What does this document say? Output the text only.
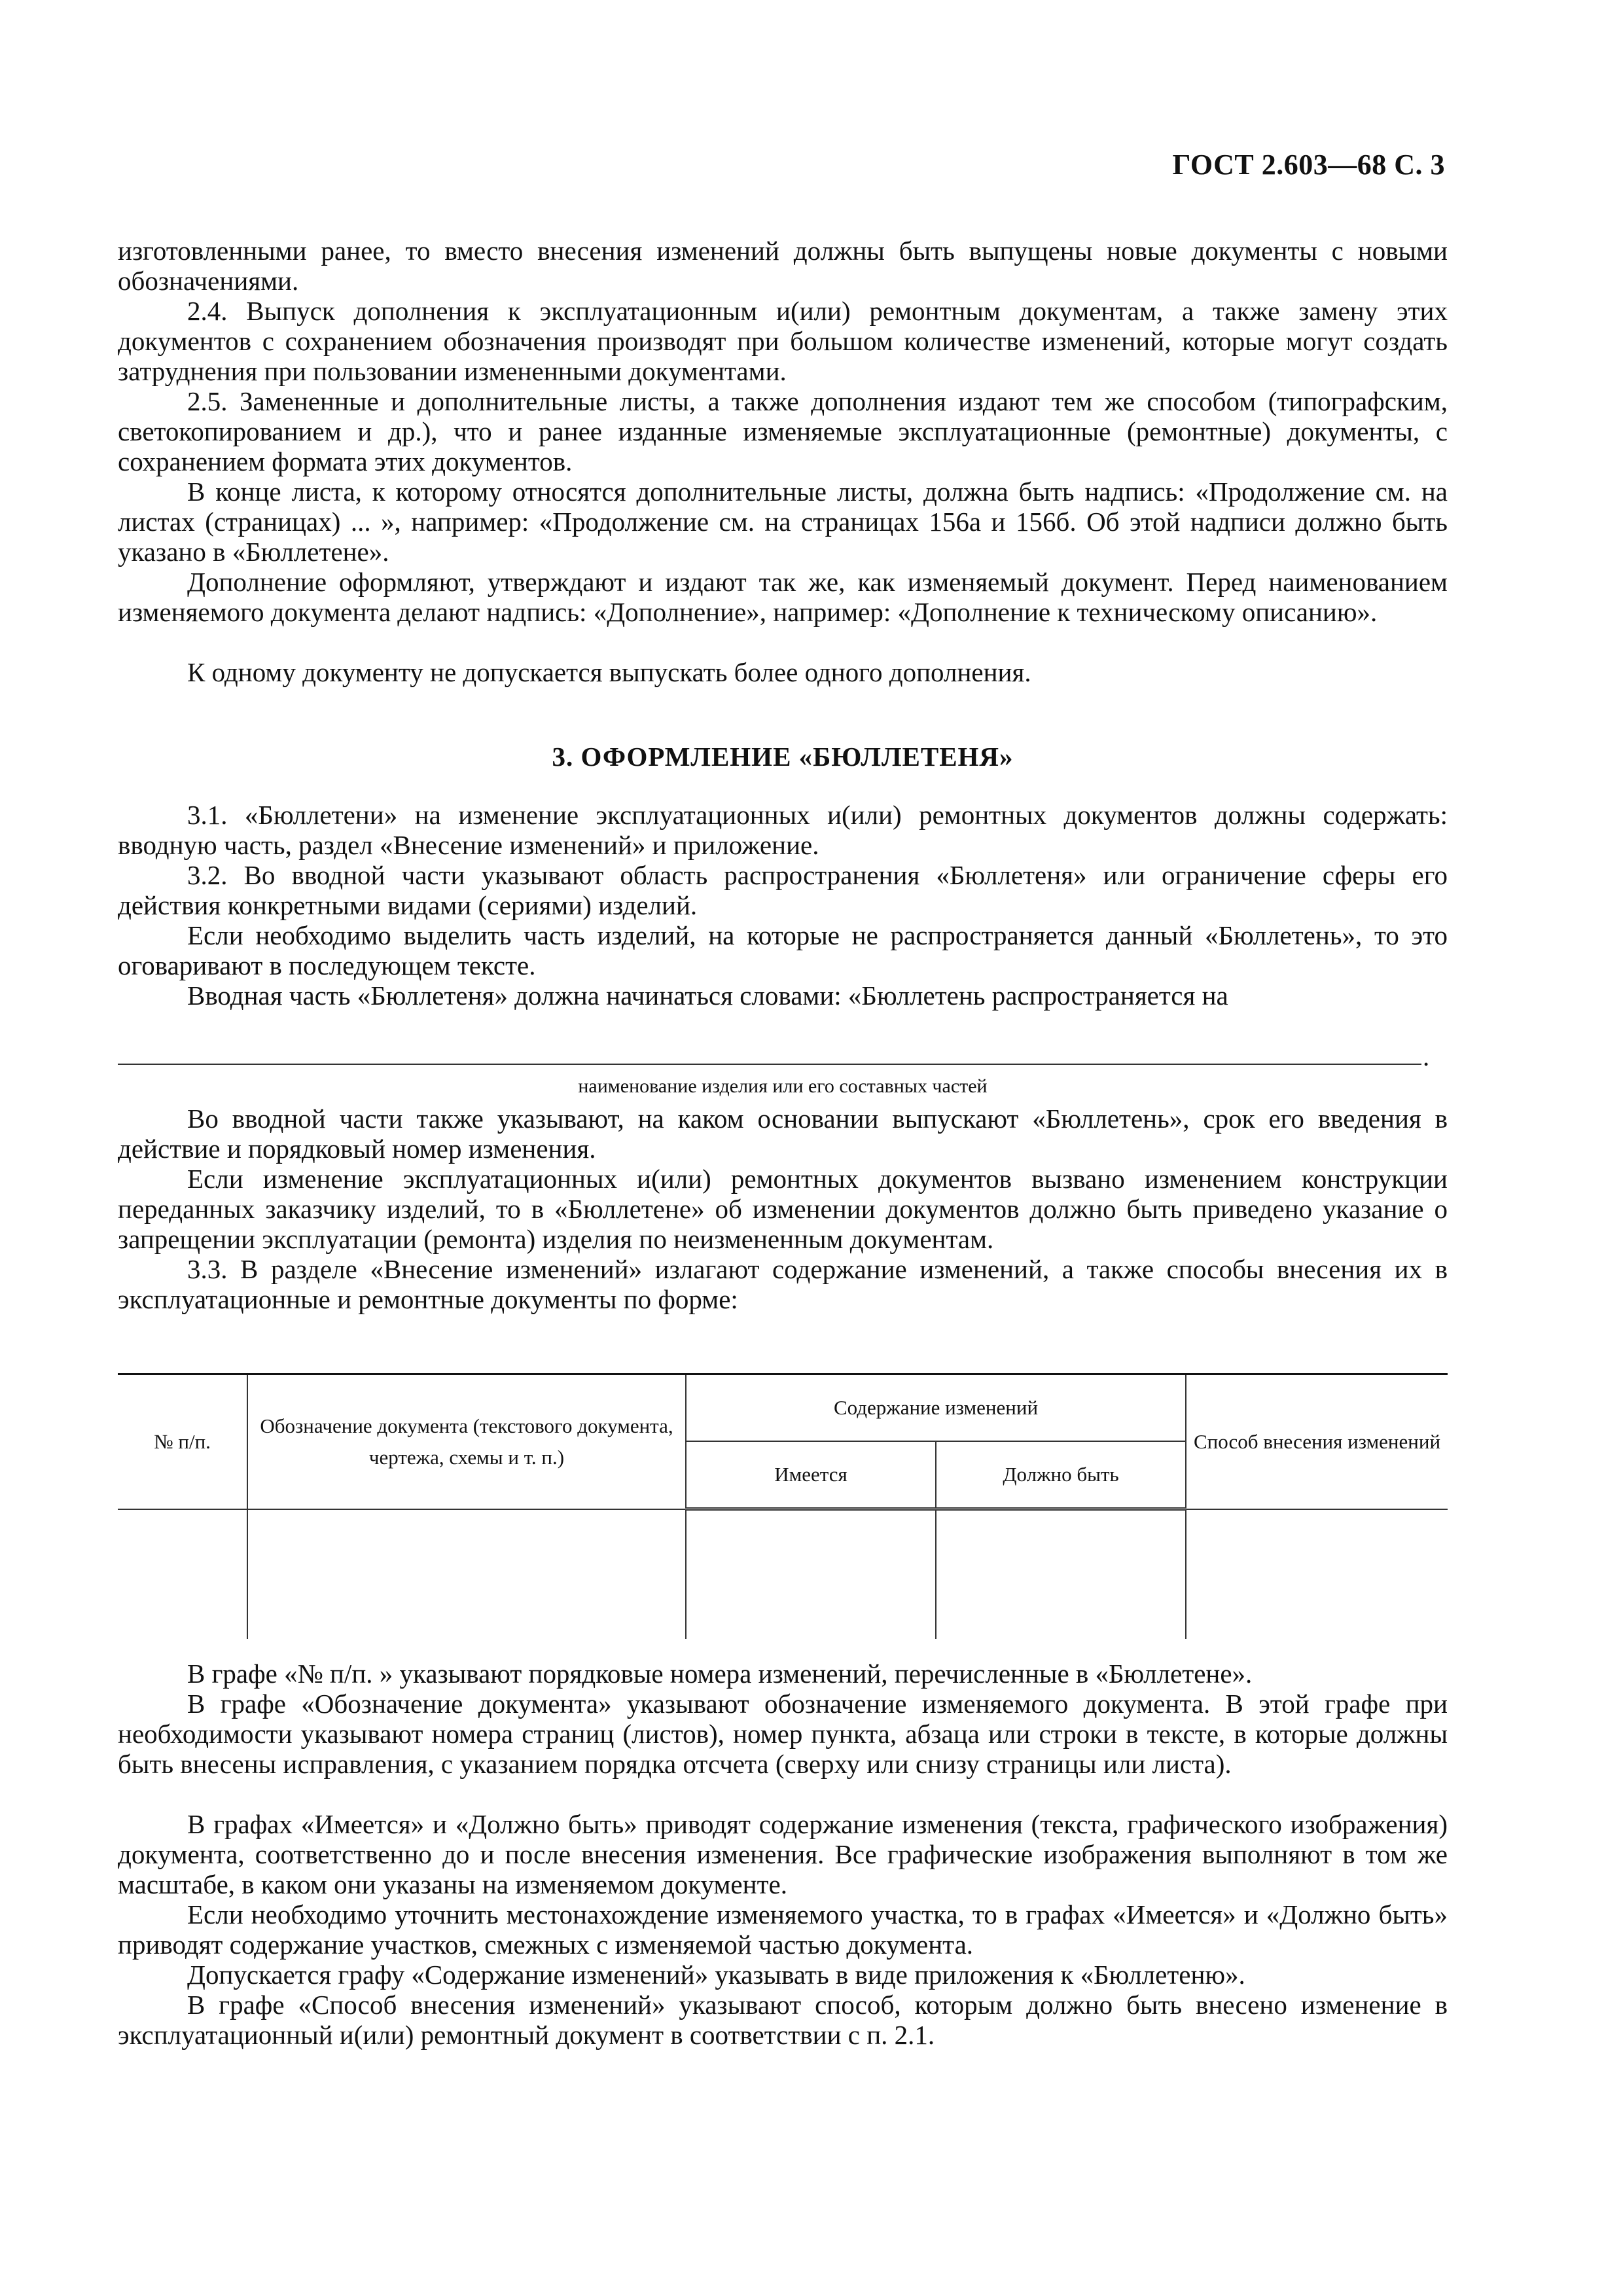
ГОСТ 2.603—68 С. 3

изготовленными ранее, то вместо внесения изменений должны быть выпущены новые документы с новыми обозначениями.

2.4. Выпуск дополнения к эксплуатационным и(или) ремонтным документам, а также замену этих документов с сохранением обозначения производят при большом количестве изменений, которые могут создать затруднения при пользовании измененными документами.

2.5. Замененные и дополнительные листы, а также дополнения издают тем же способом (типографским, светокопированием и др.), что и ранее изданные изменяемые эксплуатационные (ремонтные) документы, с сохранением формата этих документов.

В конце листа, к которому относятся дополнительные листы, должна быть надпись: «Продолжение см. на листах (страницах) ... », например: «Продолжение см. на страницах 156а и 156б. Об этой надписи должно быть указано в «Бюллетене».

Дополнение оформляют, утверждают и издают так же, как изменяемый документ. Перед наименованием изменяемого документа делают надпись: «Дополнение», например: «Дополнение к техническому описанию».

К одному документу не допускается выпускать более одного дополнения.

3. ОФОРМЛЕНИЕ «БЮЛЛЕТЕНЯ»

3.1. «Бюллетени» на изменение эксплуатационных и(или) ремонтных документов должны содержать: вводную часть, раздел «Внесение изменений» и приложение.

3.2. Во вводной части указывают область распространения «Бюллетеня» или ограничение сферы его действия конкретными видами (сериями) изделий.

Если необходимо выделить часть изделий, на которые не распространяется данный «Бюллетень», то это оговаривают в последующем тексте.

Вводная часть «Бюллетеня» должна начинаться словами: «Бюллетень распространяется на

.
наименование изделия или его составных частей

Во вводной части также указывают, на каком основании выпускают «Бюллетень», срок его введения в действие и порядковый номер изменения.

Если изменение эксплуатационных и(или) ремонтных документов вызвано изменением конструкции переданных заказчику изделий, то в «Бюллетене» об изменении документов должно быть приведено указание о запрещении эксплуатации (ремонта) изделия по неизмененным документам.

3.3. В разделе «Внесение изменений» излагают содержание изменений, а также способы внесения их в эксплуатационные и ремонтные документы по форме:

№ п/п.	Обозначение документа (текстового документа, чертежа, схемы и т. п.)	Содержание изменений		Способ внесения изменений
		Имеется	Должно быть	

В графе «№ п/п. » указывают порядковые номера изменений, перечисленные в «Бюллетене».

В графе «Обозначение документа» указывают обозначение изменяемого документа. В этой графе при необходимости указывают номера страниц (листов), номер пункта, абзаца или строки в тексте, в которые должны быть внесены исправления, с указанием порядка отсчета (сверху или снизу страницы или листа).

В графах «Имеется» и «Должно быть» приводят содержание изменения (текста, графического изображения) документа, соответственно до и после внесения изменения. Все графические изображения выполняют в том же масштабе, в каком они указаны на изменяемом документе.

Если необходимо уточнить местонахождение изменяемого участка, то в графах «Имеется» и «Должно быть» приводят содержание участков, смежных с изменяемой частью документа.

Допускается графу «Содержание изменений» указывать в виде приложения к «Бюллетеню».

В графе «Способ внесения изменений» указывают способ, которым должно быть внесено изменение в эксплуатационный и(или) ремонтный документ в соответствии с п. 2.1.
